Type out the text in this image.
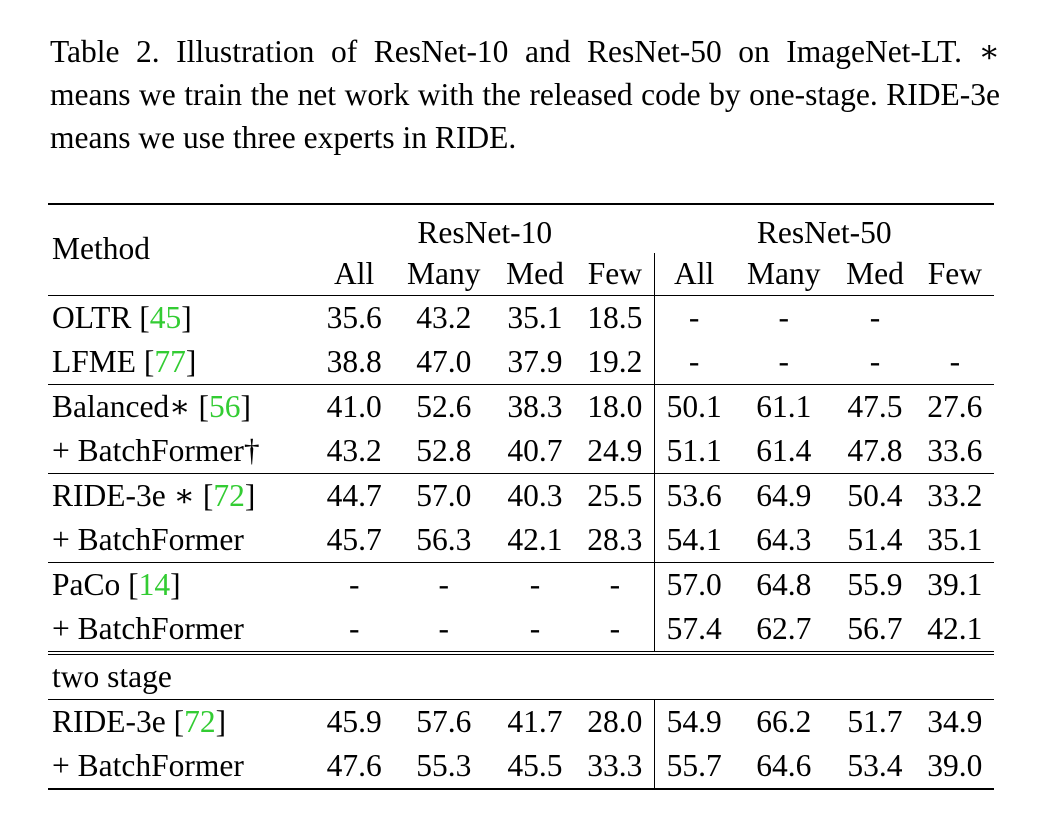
Table 2. Illustration of ResNet-10 and ResNet-50 on ImageNet-LT. ∗ means we train the net work with the released code by one-stage. RIDE-3e means we use three experts in RIDE.
Method	ResNet-10				ResNet-50			
	All	Many	Med	Few	All	Many	Med	Few
OLTR [45]	35.6	43.2	35.1	18.5	-	-	-	
LFME [77]	38.8	47.0	37.9	19.2	-	-	-	-
Balanced∗ [56]	41.0	52.6	38.3	18.0	50.1	61.1	47.5	27.6
+ BatchFormer†	43.2	52.8	40.7	24.9	51.1	61.4	47.8	33.6
RIDE-3e ∗ [72]	44.7	57.0	40.3	25.5	53.6	64.9	50.4	33.2
+ BatchFormer	45.7	56.3	42.1	28.3	54.1	64.3	51.4	35.1
PaCo [14]	-	-	-	-	57.0	64.8	55.9	39.1
+ BatchFormer	-	-	-	-	57.4	62.7	56.7	42.1
two stage								
RIDE-3e [72]	45.9	57.6	41.7	28.0	54.9	66.2	51.7	34.9
+ BatchFormer	47.6	55.3	45.5	33.3	55.7	64.6	53.4	39.0
